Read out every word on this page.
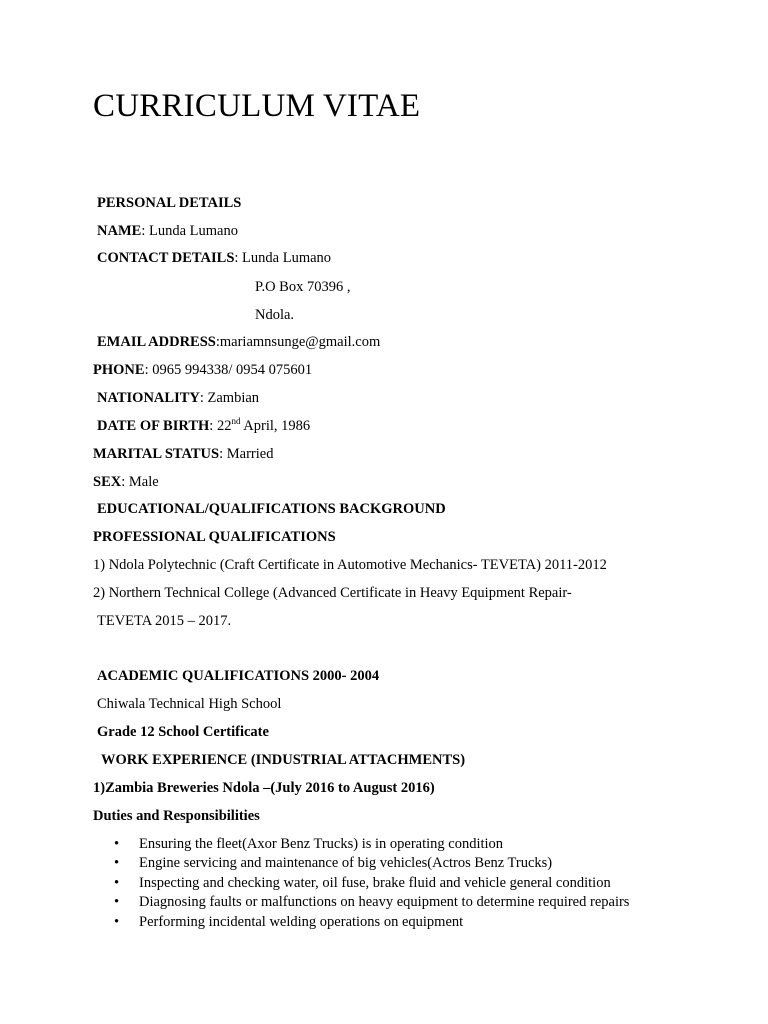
CURRICULUM VITAE
PERSONAL DETAILS
NAME: Lunda Lumano
CONTACT DETAILS: Lunda Lumano
P.O Box 70396 ,
Ndola.
EMAIL ADDRESS:mariamnsunge@gmail.com
PHONE: 0965 994338/ 0954 075601
NATIONALITY: Zambian
DATE OF BIRTH: 22nd April, 1986
MARITAL STATUS: Married
SEX: Male
EDUCATIONAL/QUALIFICATIONS BACKGROUND
PROFESSIONAL QUALIFICATIONS
1) Ndola Polytechnic (Craft Certificate in Automotive Mechanics- TEVETA) 2011-2012
2) Northern Technical College (Advanced Certificate in Heavy Equipment Repair-
TEVETA 2015 – 2017.
ACADEMIC QUALIFICATIONS 2000- 2004
Chiwala Technical High School
Grade 12 School Certificate
WORK EXPERIENCE (INDUSTRIAL ATTACHMENTS)
1)Zambia Breweries Ndola –(July 2016 to August 2016)
Duties and Responsibilities
• Ensuring the fleet(Axor Benz Trucks) is in operating condition
• Engine servicing and maintenance of big vehicles(Actros Benz Trucks)
• Inspecting and checking water, oil fuse, brake fluid and vehicle general condition
• Diagnosing faults or malfunctions on heavy equipment to determine required repairs
• Performing incidental welding operations on equipment
